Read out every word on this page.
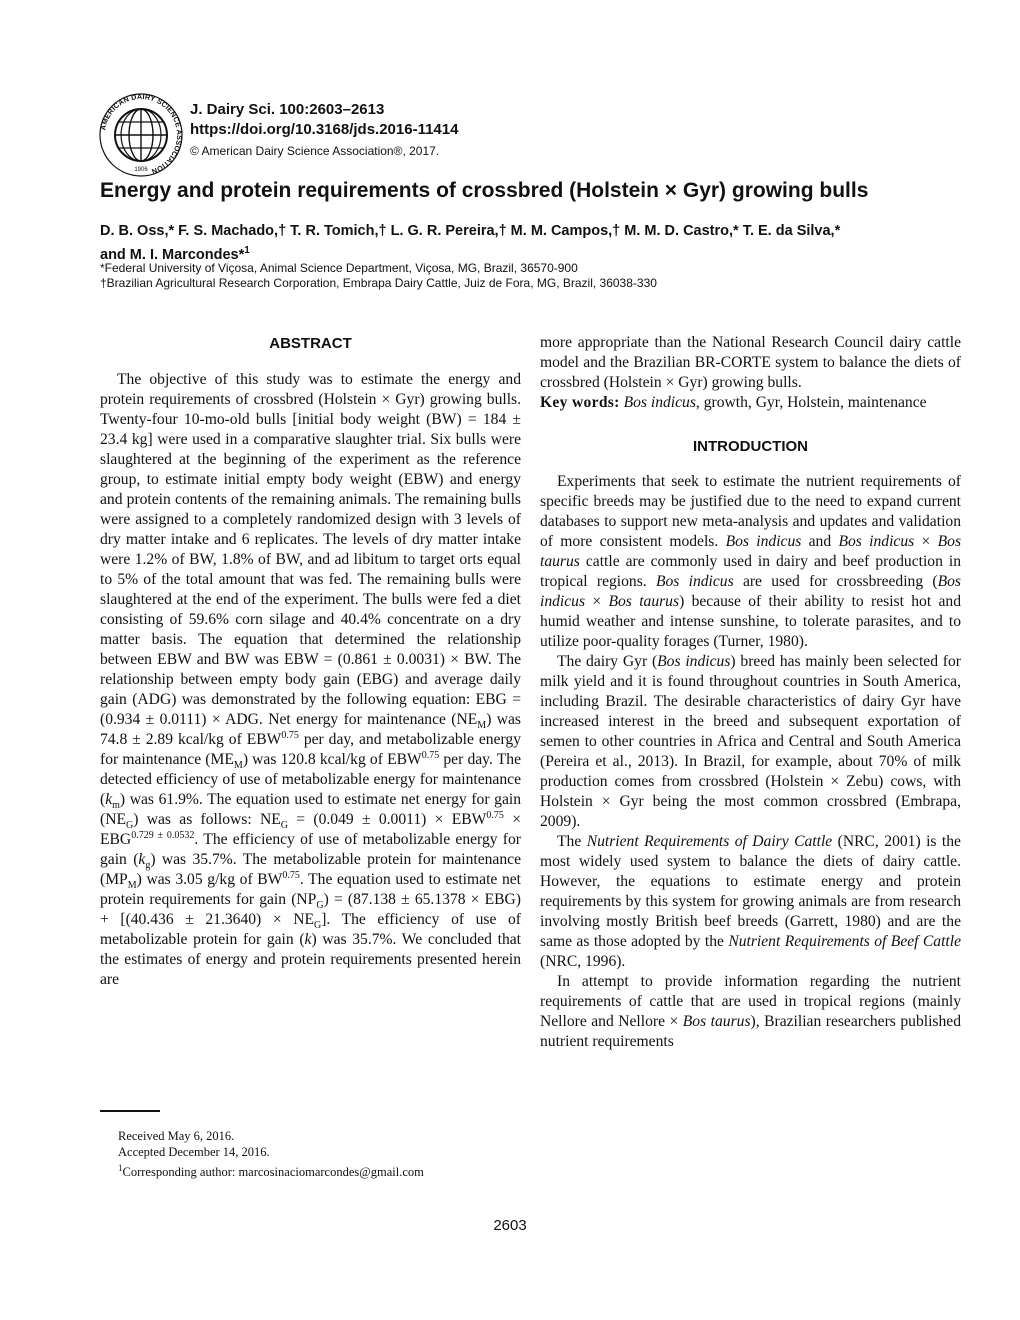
AMERICAN DAIRY SCIENCE ASSOCIATION
1906
J. Dairy Sci. 100:2603–2613
https://doi.org/10.3168/jds.2016-11414
© American Dairy Science Association®, 2017.
Energy and protein requirements of crossbred (Holstein × Gyr) growing bulls
D. B. Oss,* F. S. Machado,† T. R. Tomich,† L. G. R. Pereira,† M. M. Campos,† M. M. D. Castro,* T. E. da Silva,*
and M. I. Marcondes*$^1$
*Federal University of Viçosa, Animal Science Department, Viçosa, MG, Brazil, 36570-900
†Brazilian Agricultural Research Corporation, Embrapa Dairy Cattle, Juiz de Fora, MG, Brazil, 36038-330
ABSTRACT

The objective of this study was to estimate the energy and protein requirements of crossbred (Holstein × Gyr) growing bulls. Twenty-four 10-mo-old bulls [initial body weight (BW) = 184 ± 23.4 kg] were used in a comparative slaughter trial. Six bulls were slaughtered at the beginning of the experiment as the reference group, to estimate initial empty body weight (EBW) and energy and protein contents of the remaining animals. The remaining bulls were assigned to a completely randomized design with 3 levels of dry matter intake and 6 replicates. The levels of dry matter intake were 1.2% of BW, 1.8% of BW, and ad libitum to target orts equal to 5% of the total amount that was fed. The remaining bulls were slaughtered at the end of the experiment. The bulls were fed a diet consisting of 59.6% corn silage and 40.4% concentrate on a dry matter basis. The equation that determined the relationship between EBW and BW was EBW = (0.861 ± 0.0031) × BW. The relationship between empty body gain (EBG) and average daily gain (ADG) was demonstrated by the following equation: EBG = (0.934 ± 0.0111) × ADG. Net energy for maintenance $(NE_M)$ was 74.8 ± 2.89 kcal/kg of $EBW^{0.75}$ per day, and metabolizable energy for maintenance $(ME_M)$ was 120.8 kcal/kg of $EBW^{0.75}$ per day. The detected efficiency of use of metabolizable energy for maintenance $(k_m)$ was 61.9%. The equation used to estimate net energy for gain $(NE_G)$ was as follows: $NE_G = (0.049 \pm 0.0011) \times EBW^{0.75} \times EBG^{0.729 \pm 0.0532}$. The efficiency of use of metabolizable energy for gain $(k_g)$ was 35.7%. The metabolizable protein for maintenance $(MP_M)$ was 3.05 g/kg of $BW^{0.75}$. The equation used to estimate net protein requirements for gain $(NP_G) = (87.138 \pm 65.1378 \times EBG) + [(40.436 \pm 21.3640) \times NE_G]$. The efficiency of use of metabolizable protein for gain (k) was 35.7%. We concluded that the estimates of energy and protein requirements presented herein are

more appropriate than the National Research Council dairy cattle model and the Brazilian BR-CORTE system to balance the diets of crossbred (Holstein × Gyr) growing bulls.

Key words: Bos indicus, growth, Gyr, Holstein, maintenance

INTRODUCTION

Experiments that seek to estimate the nutrient requirements of specific breeds may be justified due to the need to expand current databases to support new meta-analysis and updates and validation of more consistent models. Bos indicus and Bos indicus × Bos taurus cattle are commonly used in dairy and beef production in tropical regions. Bos indicus are used for crossbreeding (Bos indicus × Bos taurus) because of their ability to resist hot and humid weather and intense sunshine, to tolerate parasites, and to utilize poor-quality forages (Turner, 1980).

The dairy Gyr (Bos indicus) breed has mainly been selected for milk yield and it is found throughout countries in South America, including Brazil. The desirable characteristics of dairy Gyr have increased interest in the breed and subsequent exportation of semen to other countries in Africa and Central and South America (Pereira et al., 2013). In Brazil, for example, about 70% of milk production comes from crossbred (Holstein × Zebu) cows, with Holstein × Gyr being the most common crossbred (Embrapa, 2009).

The Nutrient Requirements of Dairy Cattle (NRC, 2001) is the most widely used system to balance the diets of dairy cattle. However, the equations to estimate energy and protein requirements by this system for growing animals are from research involving mostly British beef breeds (Garrett, 1980) and are the same as those adopted by the Nutrient Requirements of Beef Cattle (NRC, 1996).

In attempt to provide information regarding the nutrient requirements of cattle that are used in tropical regions (mainly Nellore and Nellore × Bos taurus), Brazilian researchers published nutrient requirements

Received May 6, 2016.
Accepted December 14, 2016.
$^1$Corresponding author: marcosinaciomarcondes@gmail.com
2603
